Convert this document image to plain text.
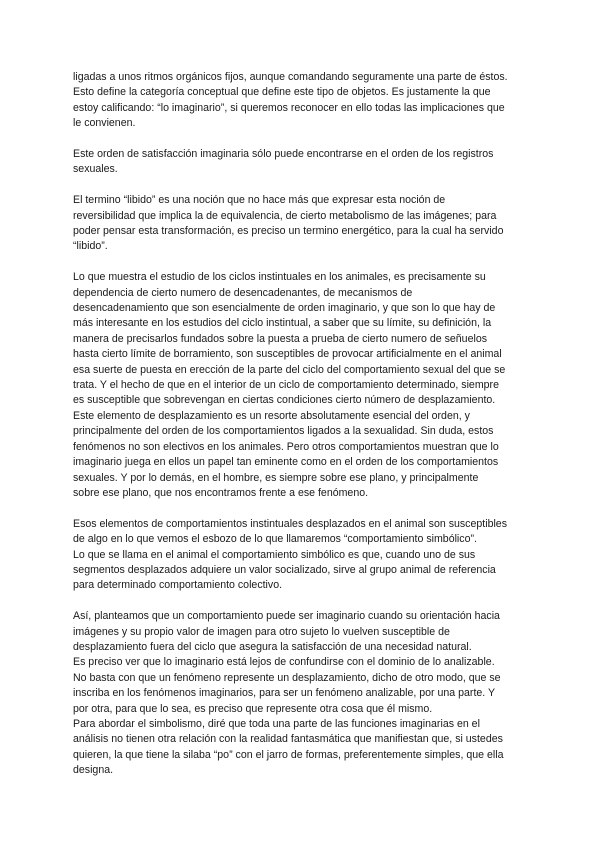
ligadas a unos ritmos orgánicos fijos, aunque comandando seguramente una parte de éstos.
Esto define la categoría conceptual que define este tipo de objetos. Es justamente la que
estoy calificando: “lo imaginario”, si queremos reconocer en ello todas las implicaciones que
le convienen.

Este orden de satisfacción imaginaria sólo puede encontrarse en el orden de los registros
sexuales.

El termino “libido” es una noción que no hace más que expresar esta noción de
reversibilidad que implica la de equivalencia, de cierto metabolismo de las imágenes; para
poder pensar esta transformación, es preciso un termino energético, para la cual ha servido
“libido”.

Lo que muestra el estudio de los ciclos instintuales en los animales, es precisamente su
dependencia de cierto numero de desencadenantes, de mecanismos de
desencadenamiento que son esencialmente de orden imaginario, y que son lo que hay de
más interesante en los estudios del ciclo instintual, a saber que su límite, su definición, la
manera de precisarlos fundados sobre la puesta a prueba de cierto numero de señuelos
hasta cierto límite de borramiento, son susceptibles de provocar artificialmente en el animal
esa suerte de puesta en erección de la parte del ciclo del comportamiento sexual del que se
trata. Y el hecho de que en el interior de un ciclo de comportamiento determinado, siempre
es susceptible que sobrevengan en ciertas condiciones cierto número de desplazamiento.
Este elemento de desplazamiento es un resorte absolutamente esencial del orden, y
principalmente del orden de los comportamientos ligados a la sexualidad. Sin duda, estos
fenómenos no son electivos en los animales. Pero otros comportamientos muestran que lo
imaginario juega en ellos un papel tan eminente como en el orden de los comportamientos
sexuales. Y por lo demás, en el hombre, es siempre sobre ese plano, y principalmente
sobre ese plano, que nos encontramos frente a ese fenómeno.

Esos elementos de comportamientos instintuales desplazados en el animal son susceptibles
de algo en lo que vemos el esbozo de lo que llamaremos “comportamiento simbólico”.
Lo que se llama en el animal el comportamiento simbólico es que, cuando uno de sus
segmentos desplazados adquiere un valor socializado, sirve al grupo animal de referencia
para determinado comportamiento colectivo.

Así, planteamos que un comportamiento puede ser imaginario cuando su orientación hacia
imágenes y su propio valor de imagen para otro sujeto lo vuelven susceptible de
desplazamiento fuera del ciclo que asegura la satisfacción de una necesidad natural.
Es preciso ver que lo imaginario está lejos de confundirse con el dominio de lo analizable.
No basta con que un fenómeno represente un desplazamiento, dicho de otro modo, que se
inscriba en los fenómenos imaginarios, para ser un fenómeno analizable, por una parte. Y
por otra, para que lo sea, es preciso que represente otra cosa que él mismo.
Para abordar el simbolismo, diré que toda una parte de las funciones imaginarias en el
análisis no tienen otra relación con la realidad fantasmática que manifiestan que, si ustedes
quieren, la que tiene la silaba “po” con el jarro de formas, preferentemente simples, que ella
designa.
